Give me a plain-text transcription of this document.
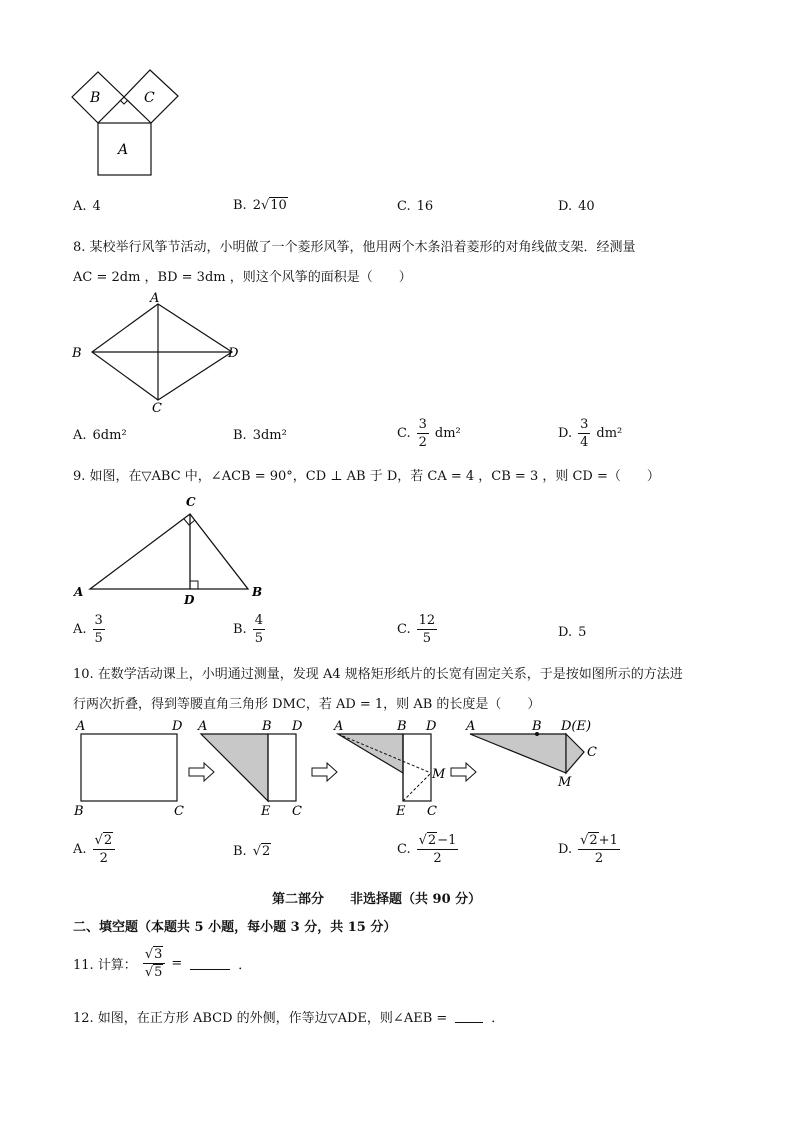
B	C
A
A. 4	B. 2√10	C. 16	D. 40
8. 某校举行风筝节活动，小明做了一个菱形风筝，他用两个木条沿着菱形的对角线做支架．经测量
AC = 2dm ，BD = 3dm ，则这个风筝的面积是（　　）
A
B
C
D
A. 6dm²	B. 3dm²	C. $\frac{3}{2} dm^2$	D. $\frac{3}{4} dm^2$
9. 如图，在▽ABC 中，∠ACB = 90°，CD ⊥ AB 于 D，若 CA = 4 ，CB = 3 ，则 CD =（　　）
C
A
D
B
A. $\frac{3}{5}$	B. $\frac{4}{5}$	C. $\frac{12}{5}$	D. 5
10. 在数学活动课上，小明通过测量，发现 A4 规格矩形纸片的长宽有固定关系，于是按如图所示的方法进
行两次折叠，得到等腰直角三角形 DMC，若 AD = 1，则 AB 的长度是（　　）
A	D
B	C
A	B D
E C
A	B D
M
E C
A	B D(E)
C
M
A. $\frac{√2}{2}$	B. √2	C. $\frac{√2-1}{2}$	D. $\frac{√2+1}{2}$
第二部分　　非选择题（共 90 分）
二、填空题（本题共 5 小题，每小题 3 分，共 15 分）
11. 计算： $\frac{√3}{√5}$ =	．
12. 如图，在正方形 ABCD 的外侧，作等边▽ADE，则∠AEB =	．
